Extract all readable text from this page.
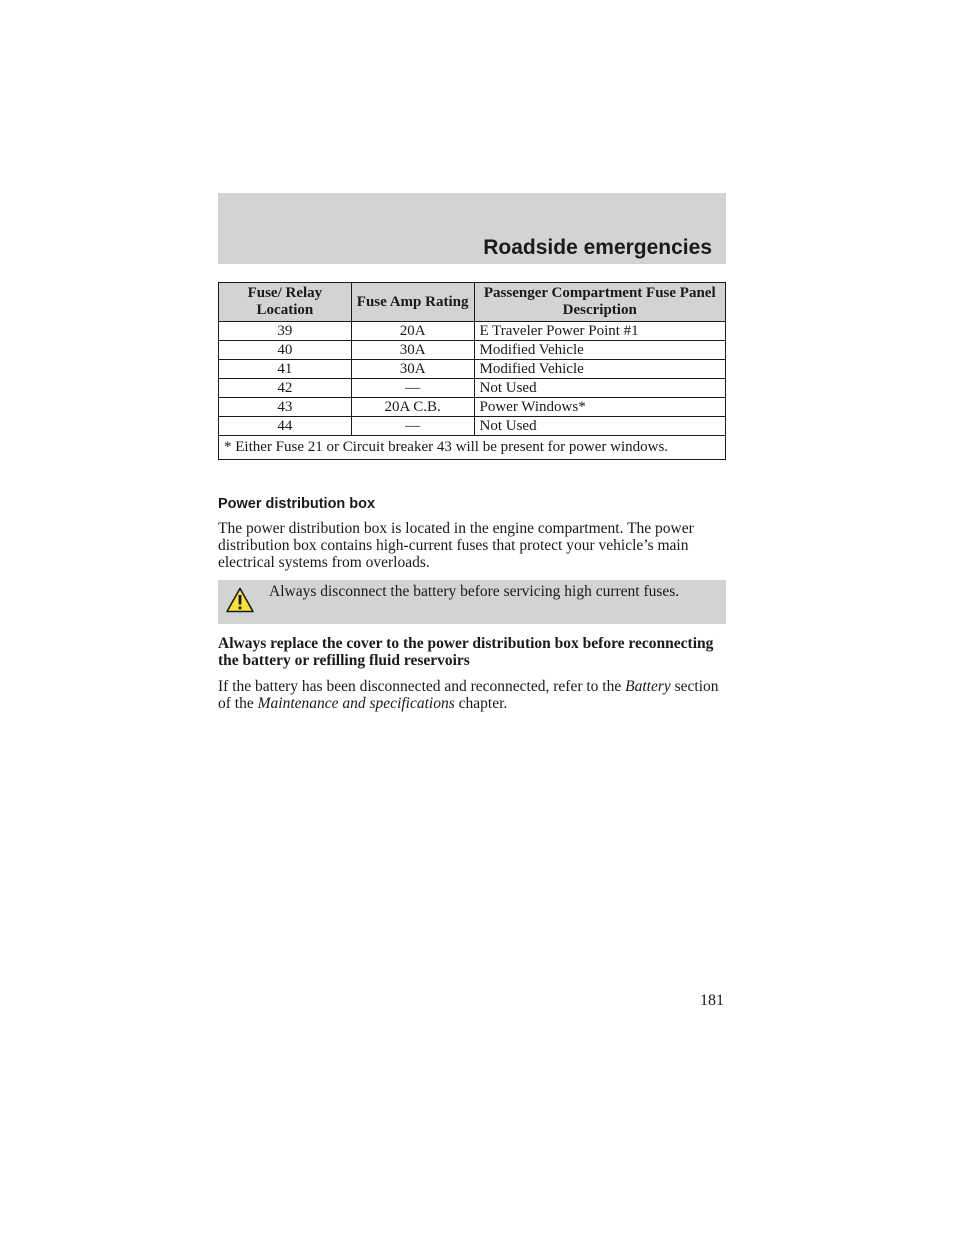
Roadside emergencies
Fuse/ Relay Location	Fuse Amp Rating	Passenger Compartment Fuse Panel Description
39	20A	E Traveler Power Point #1
40	30A	Modified Vehicle
41	30A	Modified Vehicle
42	—	Not Used
43	20A C.B.	Power Windows*
44	—	Not Used
* Either Fuse 21 or Circuit breaker 43 will be present for power windows.		
Power distribution box

The power distribution box is located in the engine compartment. The power distribution box contains high-current fuses that protect your vehicle’s main electrical systems from overloads.

Always disconnect the battery before servicing high current fuses.

Always replace the cover to the power distribution box before reconnecting the battery or refilling fluid reservoirs

If the battery has been disconnected and reconnected, refer to the Battery section of the Maintenance and specifications chapter.

181
